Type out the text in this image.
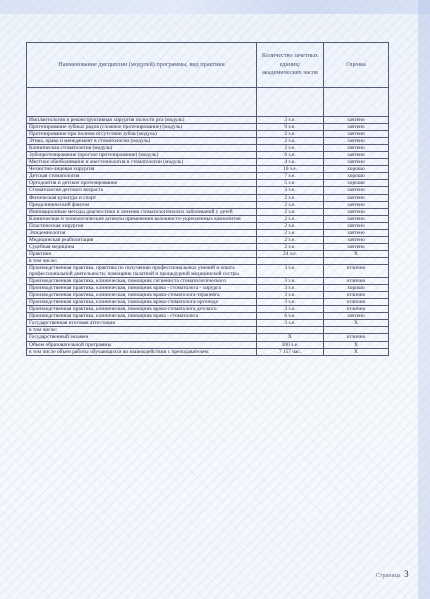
Наименование дисциплин (модулей) программы, вид практики	Количество зачетных единиц/ академических часов	Оценка

Имплантология и реконструктивная хирургия полости рта (модуль)	3 з.е.	зачтено
Протезирование зубных рядов (сложное протезирование) (модуль)	9 з.е.	зачтено
Протезирование при полном отсутствии зубов (модуль)	2 з.е.	зачтено
Этика, право и менеджмент в стоматологии (модуль)	2 з.е.	зачтено
Клиническая стоматология (модуль)	2 з.е.	зачтено
Зубопротезирование (простое протезирование) (модуль)	6 з.е.	зачтено
Местное обезболивание и анестезиология в стоматологии (модуль)	4 з.е.	зачтено
Челюстно-лицевая хирургия	16 з.е.	хорошо
Детская стоматология	7 з.е.	хорошо
Ортодонтия и детское протезирование	5 з.е.	хорошо
Стоматология детского возраста	3 з.е.	зачтено
Физическая культура и спорт	2 з.е.	зачтено
Предклинический фантом	2 з.е.	зачтено
Инновационные методы диагностики и лечения стоматологических заболеваний у детей	2 з.е.	зачтено
Клинические и технологические аспекты применения волокнисто-укрепленных композитов	2 з.е.	зачтено
Пластическая хирургия	2 з.е.	зачтено
Эпидемиология	2 з.е.	зачтено
Медицинская реабилитация	2 з.е.	зачтено
Судебная медицина	2 з.е.	зачтено
Практики	24 з.е.	X
в том числе:		
Производственная практика, практика по получению профессиональных умений и опыта профессиональной деятельности, помощник палатной и процедурной медицинской сестры	3 з.е.	отлично
Производственная практика, клиническая, помощник гигиениста стоматологического	3 з.е.	отлично
Производственная практика, клиническая, помощник врача - стоматолога - хирурга	3 з.е.	хорошо
Производственная практика, клиническая, помощник врача-стоматолога-терапевта	3 з.е.	отлично
Производственная практика, клиническая, помощник врача-стоматолога-ортопеда	3 з.е.	отлично
Производственная практика, клиническая, помощник врача-стоматолога детского	3 з.е.	отлично
Производственная практика, клиническая, помощник врача - стоматолога	6 з.е.	зачтено
Государственная итоговая аттестация	3 з.е.	X
в том числе:		
Государственный экзамен	X	отлично
Объем образовательной программы	300 з.е.	X
в том числе объем работы обучающихся во взаимодействии с преподавателем:	7 157 час.	X
Страница 3
